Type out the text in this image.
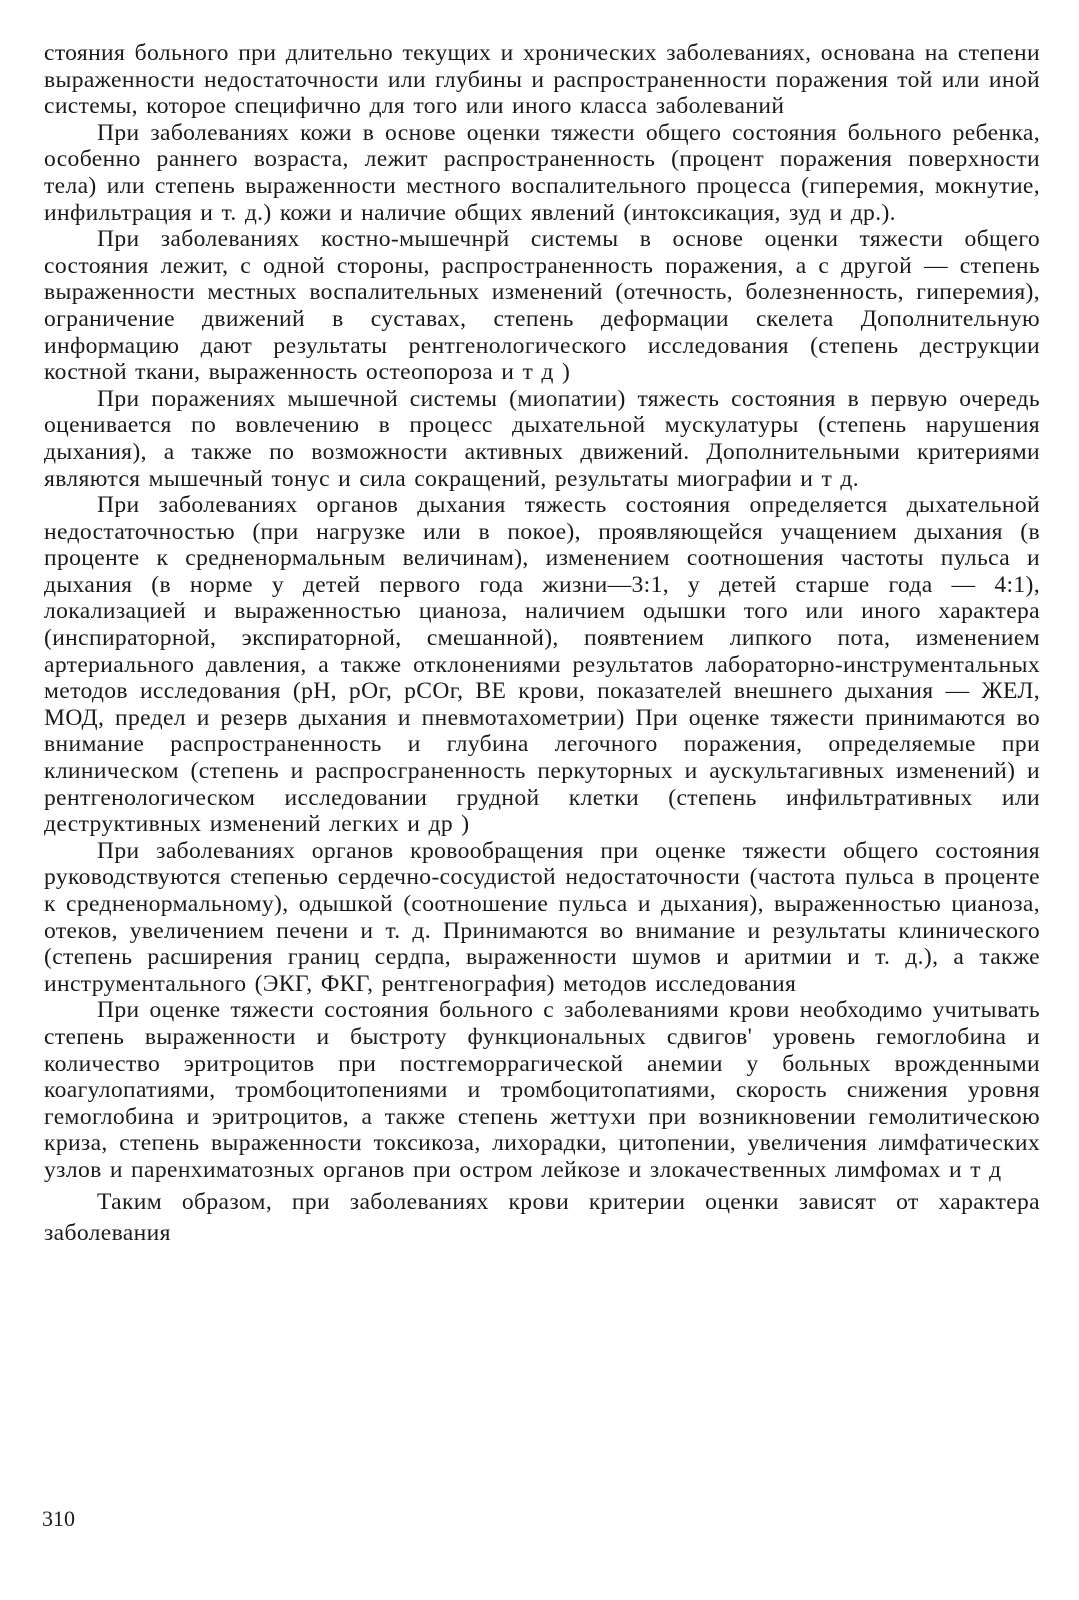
стояния больного при длительно текущих и хронических заболеваниях, основана на степени выраженности недостаточности или глубины и распространенности поражения той или иной системы, которое специфично для того или иного класса заболеваний

При заболеваниях кожи в основе оценки тяжести общего состояния больного ребенка, особенно раннего возраста, лежит распространенность (процент поражения поверхности тела) или степень выраженности местного воспалительного процесса (гиперемия, мокнутие, инфильтрация и т. д.) кожи и наличие общих явлений (интоксикация, зуд и др.).

При заболеваниях костно-мышечнрй системы в основе оценки тяжести общего состояния лежит, с одной стороны, распространенность поражения, а с другой — степень выраженности местных воспалительных изменений (отечность, болезненность, гиперемия), ограничение движений в суставах, степень деформации скелета Дополнительную информацию дают результаты рентгенологического исследования (степень деструкции костной ткани, выраженность остеопороза и т д )

При поражениях мышечной системы (миопатии) тяжесть состояния в первую очередь оценивается по вовлечению в процесс дыхательной мускулатуры (степень нарушения дыхания), а также по возможности активных движений. Дополнительными критериями являются мышечный тонус и сила сокращений, результаты миографии и т д.

При заболеваниях органов дыхания тяжесть состояния определяется дыхательной недостаточностью (при нагрузке или в покое), проявляющейся учащением дыхания (в проценте к средненормальным величинам), изменением соотношения частоты пульса и дыхания (в норме у детей первого года жизни—3:1, у детей старше года — 4:1), локализацией и выраженностью цианоза, наличием одышки того или иного характера (инспираторной, экспираторной, смешанной), появтением липкого пота, изменением артериального давления, а также отклонениями результатов лабораторно-инструментальных методов исследования (рН, рОг, рСОг, BE крови, показателей внешнего дыхания — ЖЕЛ, МОД, предел и резерв дыхания и пневмотахометрии) При оценке тяжести принимаются во внимание распространенность и глубина легочного поражения, определяемые при клиническом (степень и распросграненность перкуторных и аускультагивных изменений) и рентгенологическом исследовании грудной клетки (степень инфильтративных или деструктивных изменений легких и др )

При заболеваниях органов кровообращения при оценке тяжести общего состояния руководствуются степенью сердечно-сосудистой недостаточности (частота пульса в проценте к средненормальному), одышкой (соотношение пульса и дыхания), выраженностью цианоза, отеков, увеличением печени и т. д. Принимаются во внимание и результаты клинического (степень расширения границ сердпа, выраженности шумов и аритмии и т. д.), а также инструментального (ЭКГ, ФКГ, рентгенография) методов исследования

При оценке тяжести состояния больного с заболеваниями крови необходимо учитывать степень выраженности и быстроту функциональных сдвигов' уровень гемоглобина и количество эритроцитов при постгеморрагической анемии у больных врожденными коагулопатиями, тромбоцитопениями и тромбоцитопатиями, скорость снижения уровня гемоглобина и эритроцитов, а также степень жеттухи при возникновении гемолитическою криза, степень выраженности токсикоза, лихорадки, цитопении, увеличения лимфатических узлов и паренхиматозных органов при остром лейкозе и злокачественных лимфомах и т д

Таким образом, при заболеваниях крови критерии оценки зависят от характера заболевания

310
